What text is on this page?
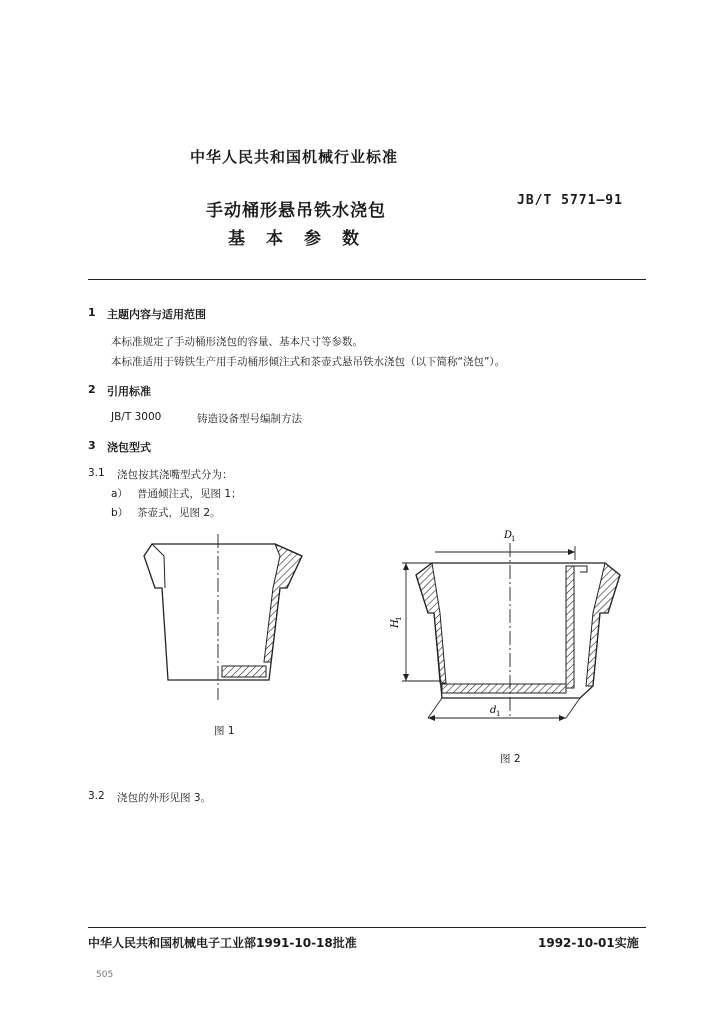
中华人民共和国机械行业标准
手动桶形悬吊铁水浇包
JB/T 5771—91
基本参数
1 主题内容与适用范围
本标准规定了手动桶形浇包的容量、基本尺寸等参数。
本标准适用于铸铁生产用手动桶形倾注式和茶壶式悬吊铁水浇包（以下简称“浇包”）。
2 引用标准
JB/T 3000	铸造设备型号编制方法
3 浇包型式
3.1 浇包按其浇嘴型式分为：
a） 普通倾注式，见图 1；
b） 茶壶式，见图 2。
图 1
D
1
H
1
d 1
图 2
3.2 浇包的外形见图 3。
中华人民共和国机械电子工业部1991-10-18批准	1992-10-01实施
505
